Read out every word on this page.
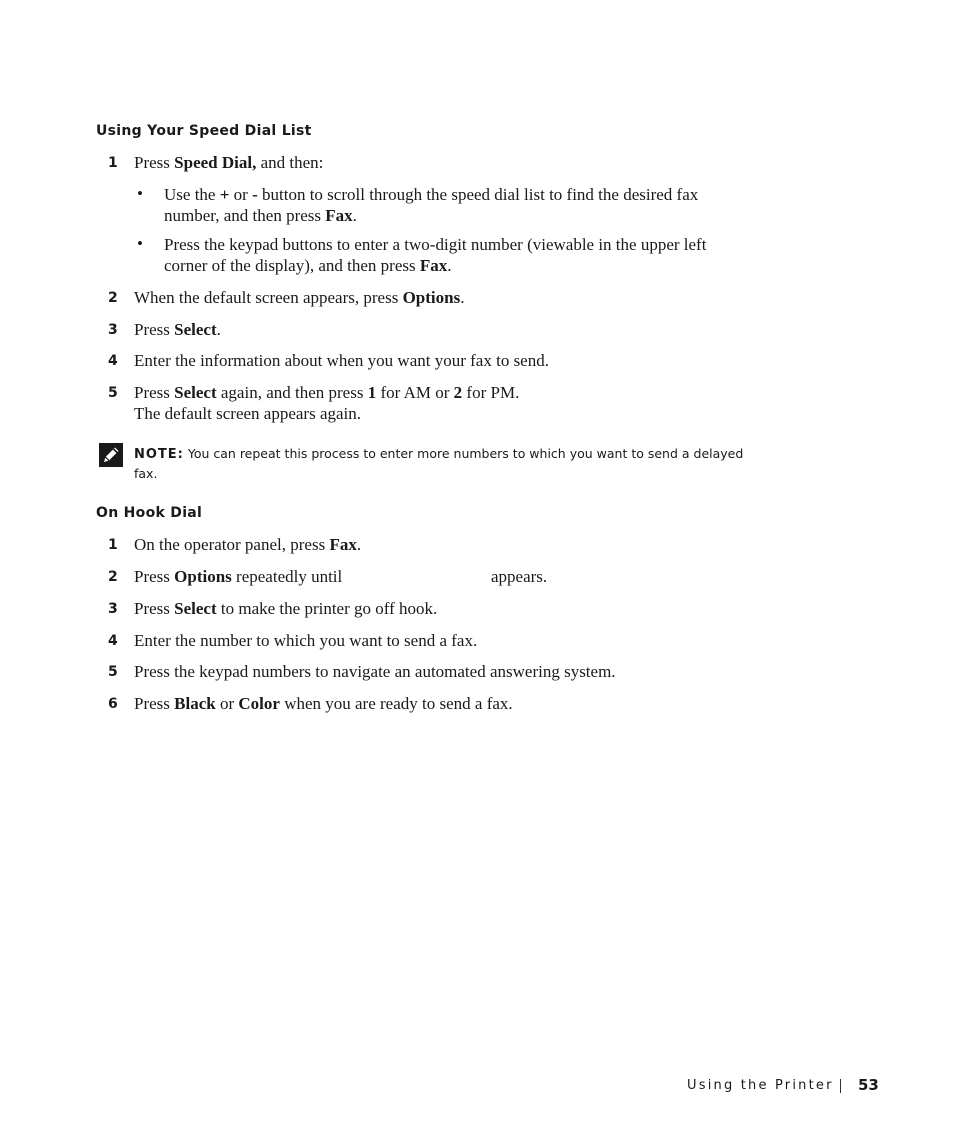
Using Your Speed Dial List
1 Press Speed Dial, and then:
• Use the + or - button to scroll through the speed dial list to find the desired fax
number, and then press Fax.
• Press the keypad buttons to enter a two-digit number (viewable in the upper left
corner of the display), and then press Fax.
2 When the default screen appears, press Options.
3 Press Select.
4 Enter the information about when you want your fax to send.
5 Press Select again, and then press 1 for AM or 2 for PM.
The default screen appears again.
NOTE: You can repeat this process to enter more numbers to which you want to send a delayed
fax.
On Hook Dial
1 On the operator panel, press Fax.
2 Press Options repeatedly until	appears.
3 Press Select to make the printer go off hook.
4 Enter the number to which you want to send a fax.
5 Press the keypad numbers to navigate an automated answering system.
6 Press Black or Color when you are ready to send a fax.
Using the Printer 53
